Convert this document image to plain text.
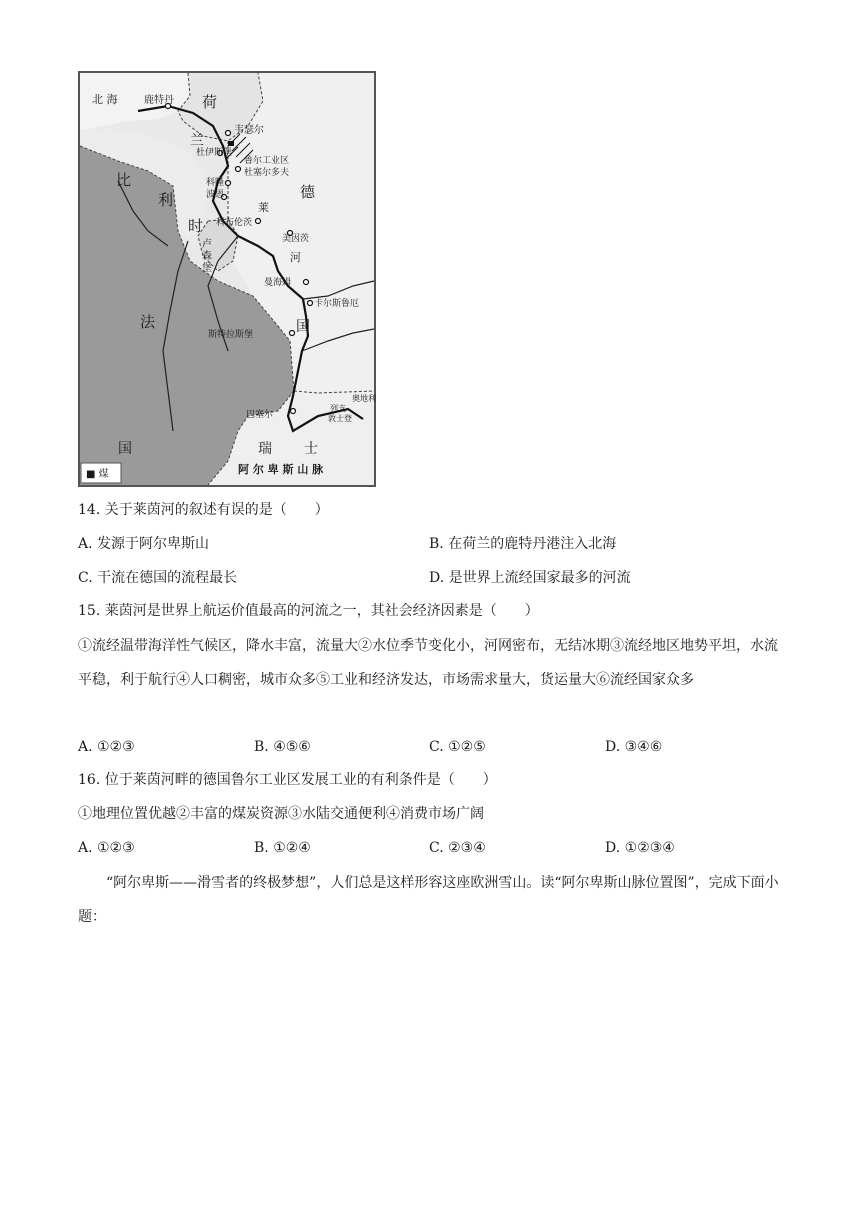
北 海	鹿特丹 荷
兰
韦瑟尔
杜伊斯堡
鲁尔工业区
杜塞尔多夫
科隆
波恩
比
利
时
德
莱
科布伦茨
美因茨
卢
森
堡
河
曼海姆
卡尔斯鲁厄
法	国
斯特拉斯堡
巴塞尔
国	瑞 士
列支
敦士登
奥地利
阿 尔 卑 斯 山 脉
■ 煤
14. 关于莱茵河的叙述有误的是（　　）
A. 发源于阿尔卑斯山	B. 在荷兰的鹿特丹港注入北海
C. 干流在德国的流程最长	D. 是世界上流经国家最多的河流
15. 莱茵河是世界上航运价值最高的河流之一，其社会经济因素是（　　）
①流经温带海洋性气候区，降水丰富，流量大②水位季节变化小，河网密布，无结冰期③流经地区地势平坦，水流平稳，利于航行④人口稠密，城市众多⑤工业和经济发达，市场需求量大，货运量大⑥流经国家众多
A. ①②③	B. ④⑤⑥	C. ①②⑤	D. ③④⑥
16. 位于莱茵河畔的德国鲁尔工业区发展工业的有利条件是（　　）
①地理位置优越②丰富的煤炭资源③水陆交通便利④消费市场广阔
A. ①②③	B. ①②④	C. ②③④	D. ①②③④
“阿尔卑斯——滑雪者的终极梦想”，人们总是这样形容这座欧洲雪山。读“阿尔卑斯山脉位置图”，完成下面小题：
